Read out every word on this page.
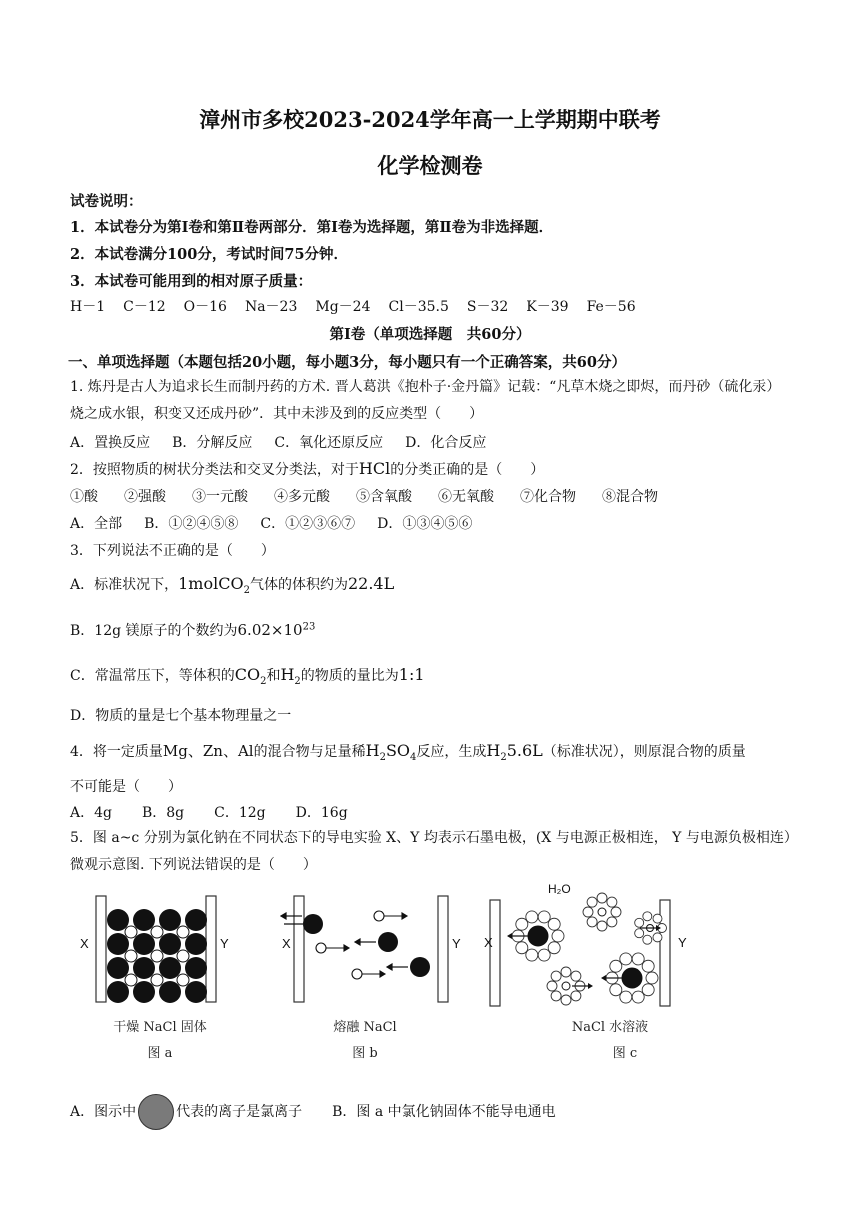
漳州市多校2023-2024学年高一上学期期中联考
化学检测卷
试卷说明：
1．本试卷分为第Ⅰ卷和第Ⅱ卷两部分．第Ⅰ卷为选择题，第Ⅱ卷为非选择题．
2．本试卷满分100分，考试时间75分钟．
3．本试卷可能用到的相对原子质量：
H－1 C－12 O－16 Na－23 Mg－24 Cl－35.5 S－32 K－39 Fe－56
第Ⅰ卷（单项选择题　共60分）
一、单项选择题（本题包括20小题，每小题3分，每小题只有一个正确答案，共60分）
1. 炼丹是古人为追求长生而制丹药的方术. 晋人葛洪《抱朴子·金丹篇》记载：“凡草木烧之即烬，而丹砂（硫化汞）烧之成水银，积变又还成丹砂”．其中未涉及到的反应类型（　　）
A．置换反应 B．分解反应 C．氧化还原反应 D．化合反应
2．按照物质的树状分类法和交叉分类法，对于HCl的分类正确的是（　　）
①酸 ②强酸 ③一元酸 ④多元酸 ⑤含氧酸 ⑥无氧酸 ⑦化合物 ⑧混合物
A．全部 B．①②④⑤⑧ C．①②③⑥⑦ D．①③④⑤⑥
3．下列说法不正确的是（　　）
A．标准状况下，1molCO$_2$气体的体积约为22.4L
B．12g 镁原子的个数约为$6.02\times 10^{23}$
C．常温常压下，等体积的$CO_2$和$H_2$的物质的量比为1:1
D．物质的量是七个基本物理量之一
4．将一定质量Mg、Zn、Al的混合物与足量稀$H_2SO_4$反应，生成$H_25.6L$（标准状况），则原混合物的质量
不可能是（　　）
A．4g B．8g C．12g D．16g
5．图 a~c 分别为氯化钠在不同状态下的导电实验 X、Y 均表示石墨电极，(X 与电源正极相连， Y 与电源负极相连）微观示意图. 下列说法错误的是（　　）
X	Y
干燥 NaCl 固体
图 a
X	Y
熔融 NaCl
图 b
X	Y
H₂O
NaCl 水溶液
图 c
A．图示中	代表的离子是氯离子 B．图 a 中氯化钠固体不能导电通电
